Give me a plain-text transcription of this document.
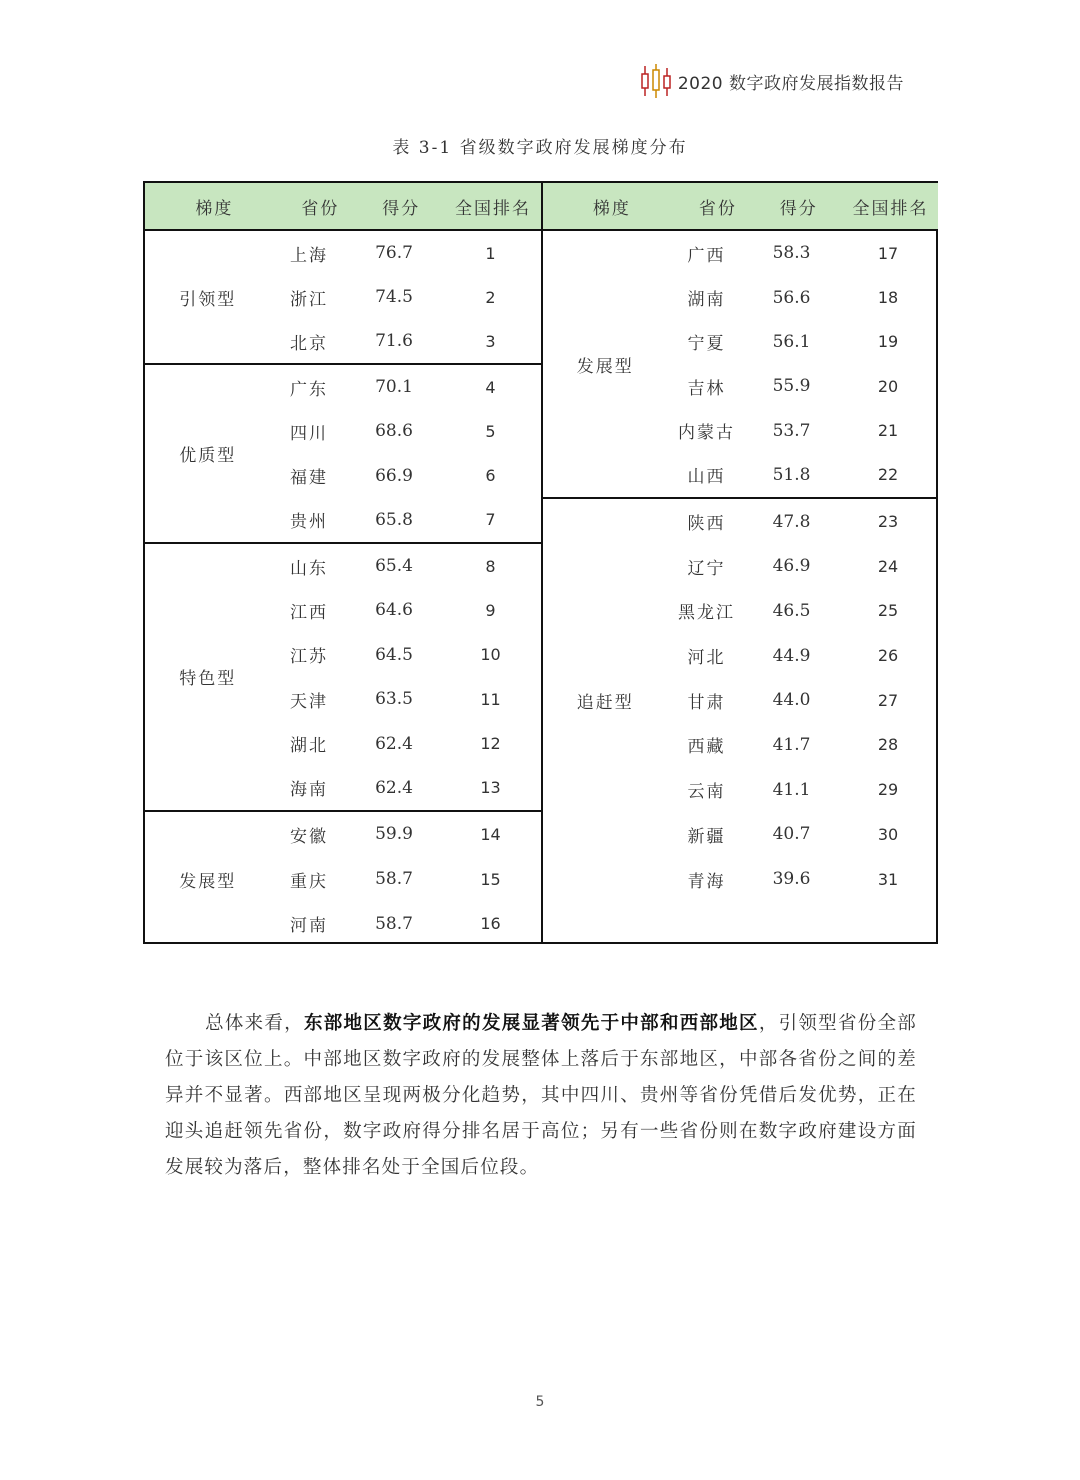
2020 数字政府发展指数报告
表 3-1 省级数字政府发展梯度分布
梯度	省份	得分	全国排名
引领型
上海	76.7	1
浙江	74.5	2
北京	71.6	3
优质型
广东	70.1	4
四川	68.6	5
福建	66.9	6
贵州	65.8	7
特色型
山东	65.4	8
江西	64.6	9
江苏	64.5	10
天津	63.5	11
湖北	62.4	12
海南	62.4	13
发展型
安徽	59.9	14
重庆	58.7	15
河南	58.7	16
梯度	省份	得分	全国排名
发展型
广西	58.3	17
湖南	56.6	18
宁夏	56.1	19
吉林	55.9	20
内蒙古	53.7	21
山西	51.8	22
追赶型
陕西	47.8	23
辽宁	46.9	24
黑龙江	46.5	25
河北	44.9	26
甘肃	44.0	27
西藏	41.7	28
云南	41.1	29
新疆	40.7	30
青海	39.6	31
总体来看，东部地区数字政府的发展显著领先于中部和西部地区，引领型省份全部位于该区位上。中部地区数字政府的发展整体上落后于东部地区，中部各省份之间的差异并不显著。西部地区呈现两极分化趋势，其中四川、贵州等省份凭借后发优势，正在迎头追赶领先省份，数字政府得分排名居于高位；另有一些省份则在数字政府建设方面发展较为落后，整体排名处于全国后位段。
5
